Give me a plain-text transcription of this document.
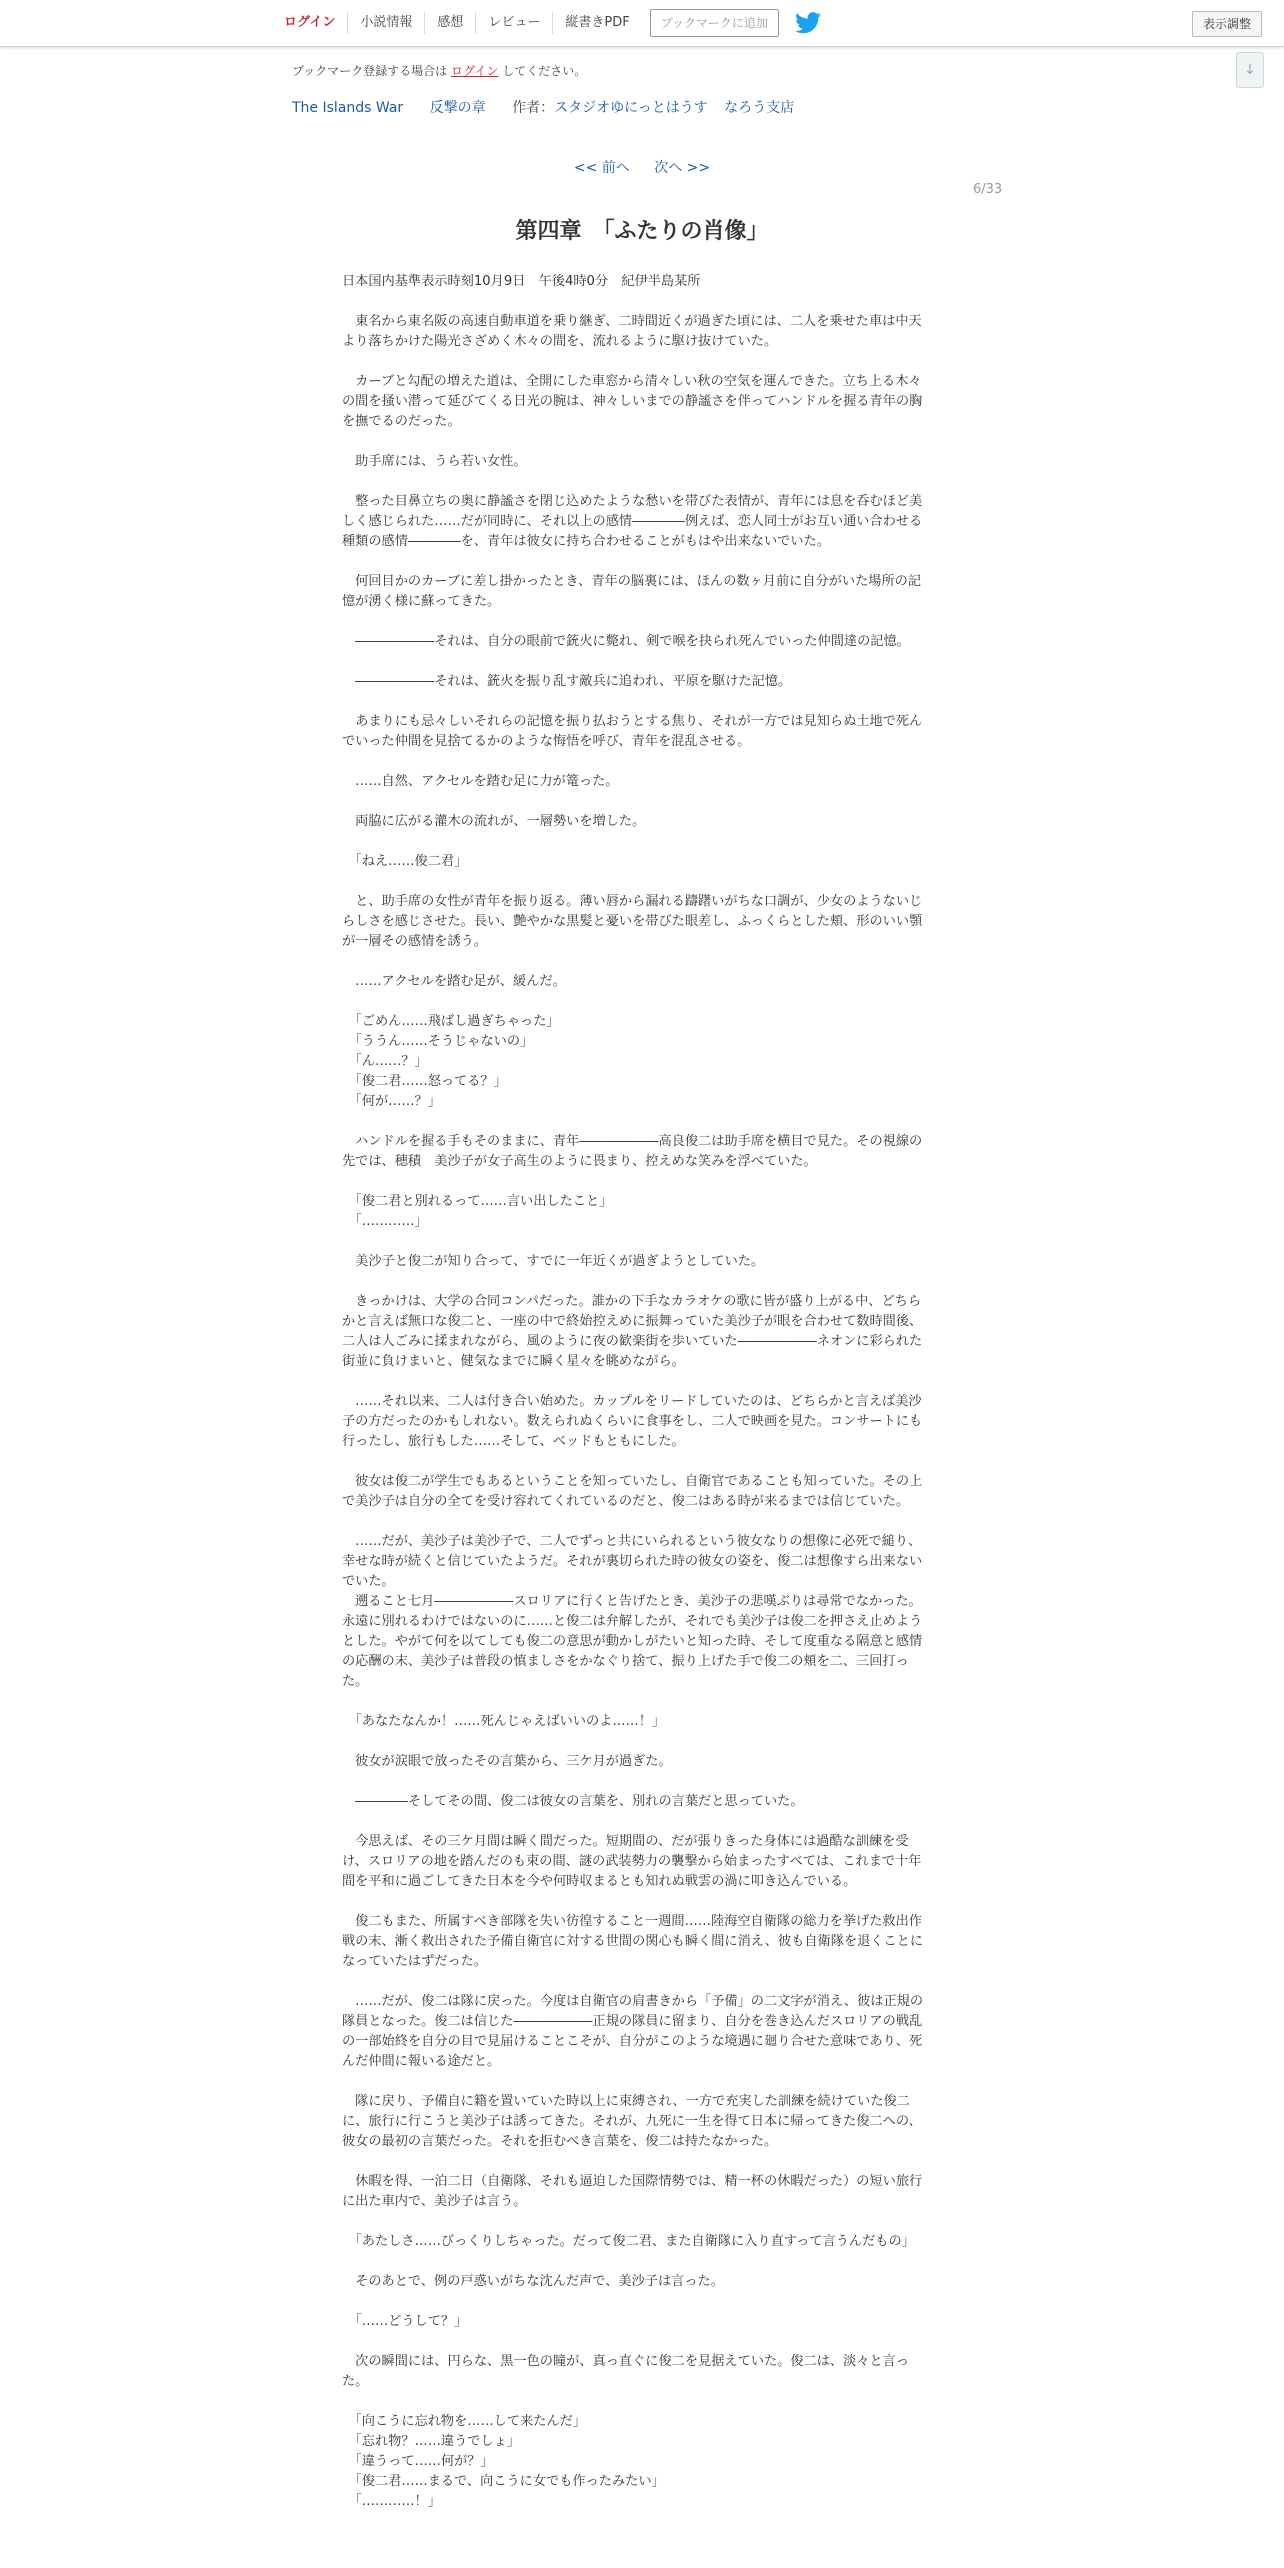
ログイン	小説情報	感想	レビュー	縦書きPDF	ブックマークに追加	表示調整
↓
ブックマーク登録する場合は ログイン してください。
The Islands War 反撃の章 作者：スタジオゆにっとはうす なろう支店
<< 前へ 次へ >>
6/33
第四章　「ふたりの肖像」

日本国内基準表示時刻10月9日　午後4時0分　紀伊半島某所

　東名から東名阪の高速自動車道を乗り継ぎ、二時間近くが過ぎた頃には、二人を乗せた車は中天より落ちかけた陽光さざめく木々の間を、流れるように駆け抜けていた。

　カーブと勾配の増えた道は、全開にした車窓から清々しい秋の空気を運んできた。立ち上る木々の間を掻い潜って延びてくる日光の腕は、神々しいまでの静謐さを伴ってハンドルを握る青年の胸を撫でるのだった。

　助手席には、うら若い女性。

　整った目鼻立ちの奥に静謐さを閉じ込めたような愁いを帯びた表情が、青年には息を呑むほど美しく感じられた……だが同時に、それ以上の感情――――例えば、恋人同士がお互い通い合わせる種類の感情――――を、青年は彼女に持ち合わせることがもはや出来ないでいた。

　何回目かのカーブに差し掛かったとき、青年の脳裏には、ほんの数ヶ月前に自分がいた場所の記憶が湧く様に蘇ってきた。

　――――――それは、自分の眼前で銃火に斃れ、剣で喉を抉られ死んでいった仲間達の記憶。

　――――――それは、銃火を振り乱す敵兵に追われ、平原を駆けた記憶。

　あまりにも忌々しいそれらの記憶を振り払おうとする焦り、それが一方では見知らぬ土地で死んでいった仲間を見捨てるかのような悔悟を呼び、青年を混乱させる。

　……自然、アクセルを踏む足に力が篭った。

　両脇に広がる灌木の流れが、一層勢いを増した。

　「ねえ……俊二君」

　と、助手席の女性が青年を振り返る。薄い唇から漏れる躊躇いがちな口調が、少女のようないじらしさを感じさせた。長い、艶やかな黒髪と憂いを帯びた眼差し、ふっくらとした頬、形のいい顎が一層その感情を誘う。

　……アクセルを踏む足が、緩んだ。

　「ごめん……飛ばし過ぎちゃった」
　「ううん……そうじゃないの」
　「ん……？」
　「俊二君……怒ってる？」
　「何が……？」

　ハンドルを握る手もそのままに、青年――――――高良俊二は助手席を横目で見た。その視線の先では、穂積　美沙子が女子高生のように畏まり、控えめな笑みを浮べていた。

　「俊二君と別れるって……言い出したこと」
　「…………」

　美沙子と俊二が知り合って、すでに一年近くが過ぎようとしていた。

　きっかけは、大学の合同コンパだった。誰かの下手なカラオケの歌に皆が盛り上がる中、どちらかと言えば無口な俊二と、一座の中で終始控えめに振舞っていた美沙子が眼を合わせて数時間後、二人は人ごみに揉まれながら、風のように夜の歓楽街を歩いていた――――――ネオンに彩られた街並に負けまいと、健気なまでに瞬く星々を眺めながら。

　……それ以来、二人は付き合い始めた。カップルをリードしていたのは、どちらかと言えば美沙子の方だったのかもしれない。数えられぬくらいに食事をし、二人で映画を見た。コンサートにも行ったし、旅行もした……そして、ベッドもともにした。

　彼女は俊二が学生でもあるということを知っていたし、自衛官であることも知っていた。その上で美沙子は自分の全てを受け容れてくれているのだと、俊二はある時が来るまでは信じていた。

　……だが、美沙子は美沙子で、二人でずっと共にいられるという彼女なりの想像に必死で縋り、幸せな時が続くと信じていたようだ。それが裏切られた時の彼女の姿を、俊二は想像すら出来ないでいた。
　遡ること七月――――――スロリアに行くと告げたとき、美沙子の悲嘆ぶりは尋常でなかった。永遠に別れるわけではないのに……と俊二は弁解したが、それでも美沙子は俊二を押さえ止めようとした。やがて何を以てしても俊二の意思が動かしがたいと知った時、そして度重なる隔意と感情の応酬の末、美沙子は普段の慎ましさをかなぐり捨て、振り上げた手で俊二の頬を二、三回打った。

　「あなたなんか！……死んじゃえばいいのよ……！」

　彼女が涙眼で放ったその言葉から、三ケ月が過ぎた。

　――――そしてその間、俊二は彼女の言葉を、別れの言葉だと思っていた。

　今思えば、その三ケ月間は瞬く間だった。短期間の、だが張りきった身体には過酷な訓練を受け、スロリアの地を踏んだのも束の間、謎の武装勢力の襲撃から始まったすべては、これまで十年間を平和に過ごしてきた日本を今や何時収まるとも知れぬ戦雲の渦に叩き込んでいる。

　俊二もまた、所属すべき部隊を失い彷徨すること一週間……陸海空自衛隊の総力を挙げた救出作戦の末、漸く救出された予備自衛官に対する世間の関心も瞬く間に消え、彼も自衛隊を退くことになっていたはずだった。

　……だが、俊二は隊に戻った。今度は自衛官の肩書きから「予備」の二文字が消え、彼は正規の隊員となった。俊二は信じた――――――正規の隊員に留まり、自分を巻き込んだスロリアの戦乱の一部始終を自分の目で見届けることこそが、自分がこのような境遇に廻り合せた意味であり、死んだ仲間に報いる途だと。

　隊に戻り、予備自に籍を置いていた時以上に束縛され、一方で充実した訓練を続けていた俊二に、旅行に行こうと美沙子は誘ってきた。それが、九死に一生を得て日本に帰ってきた俊二への、彼女の最初の言葉だった。それを拒むべき言葉を、俊二は持たなかった。

　休暇を得、一泊二日（自衛隊、それも逼迫した国際情勢では、精一杯の休暇だった）の短い旅行に出た車内で、美沙子は言う。

　「あたしさ……びっくりしちゃった。だって俊二君、また自衛隊に入り直すって言うんだもの」

　そのあとで、例の戸惑いがちな沈んだ声で、美沙子は言った。

　「……どうして？」

　次の瞬間には、円らな、黒一色の瞳が、真っ直ぐに俊二を見据えていた。俊二は、淡々と言った。

　「向こうに忘れ物を……して来たんだ」
　「忘れ物？……違うでしょ」
　「違うって……何が？」
　「俊二君……まるで、向こうに女でも作ったみたい」
　「…………！」
